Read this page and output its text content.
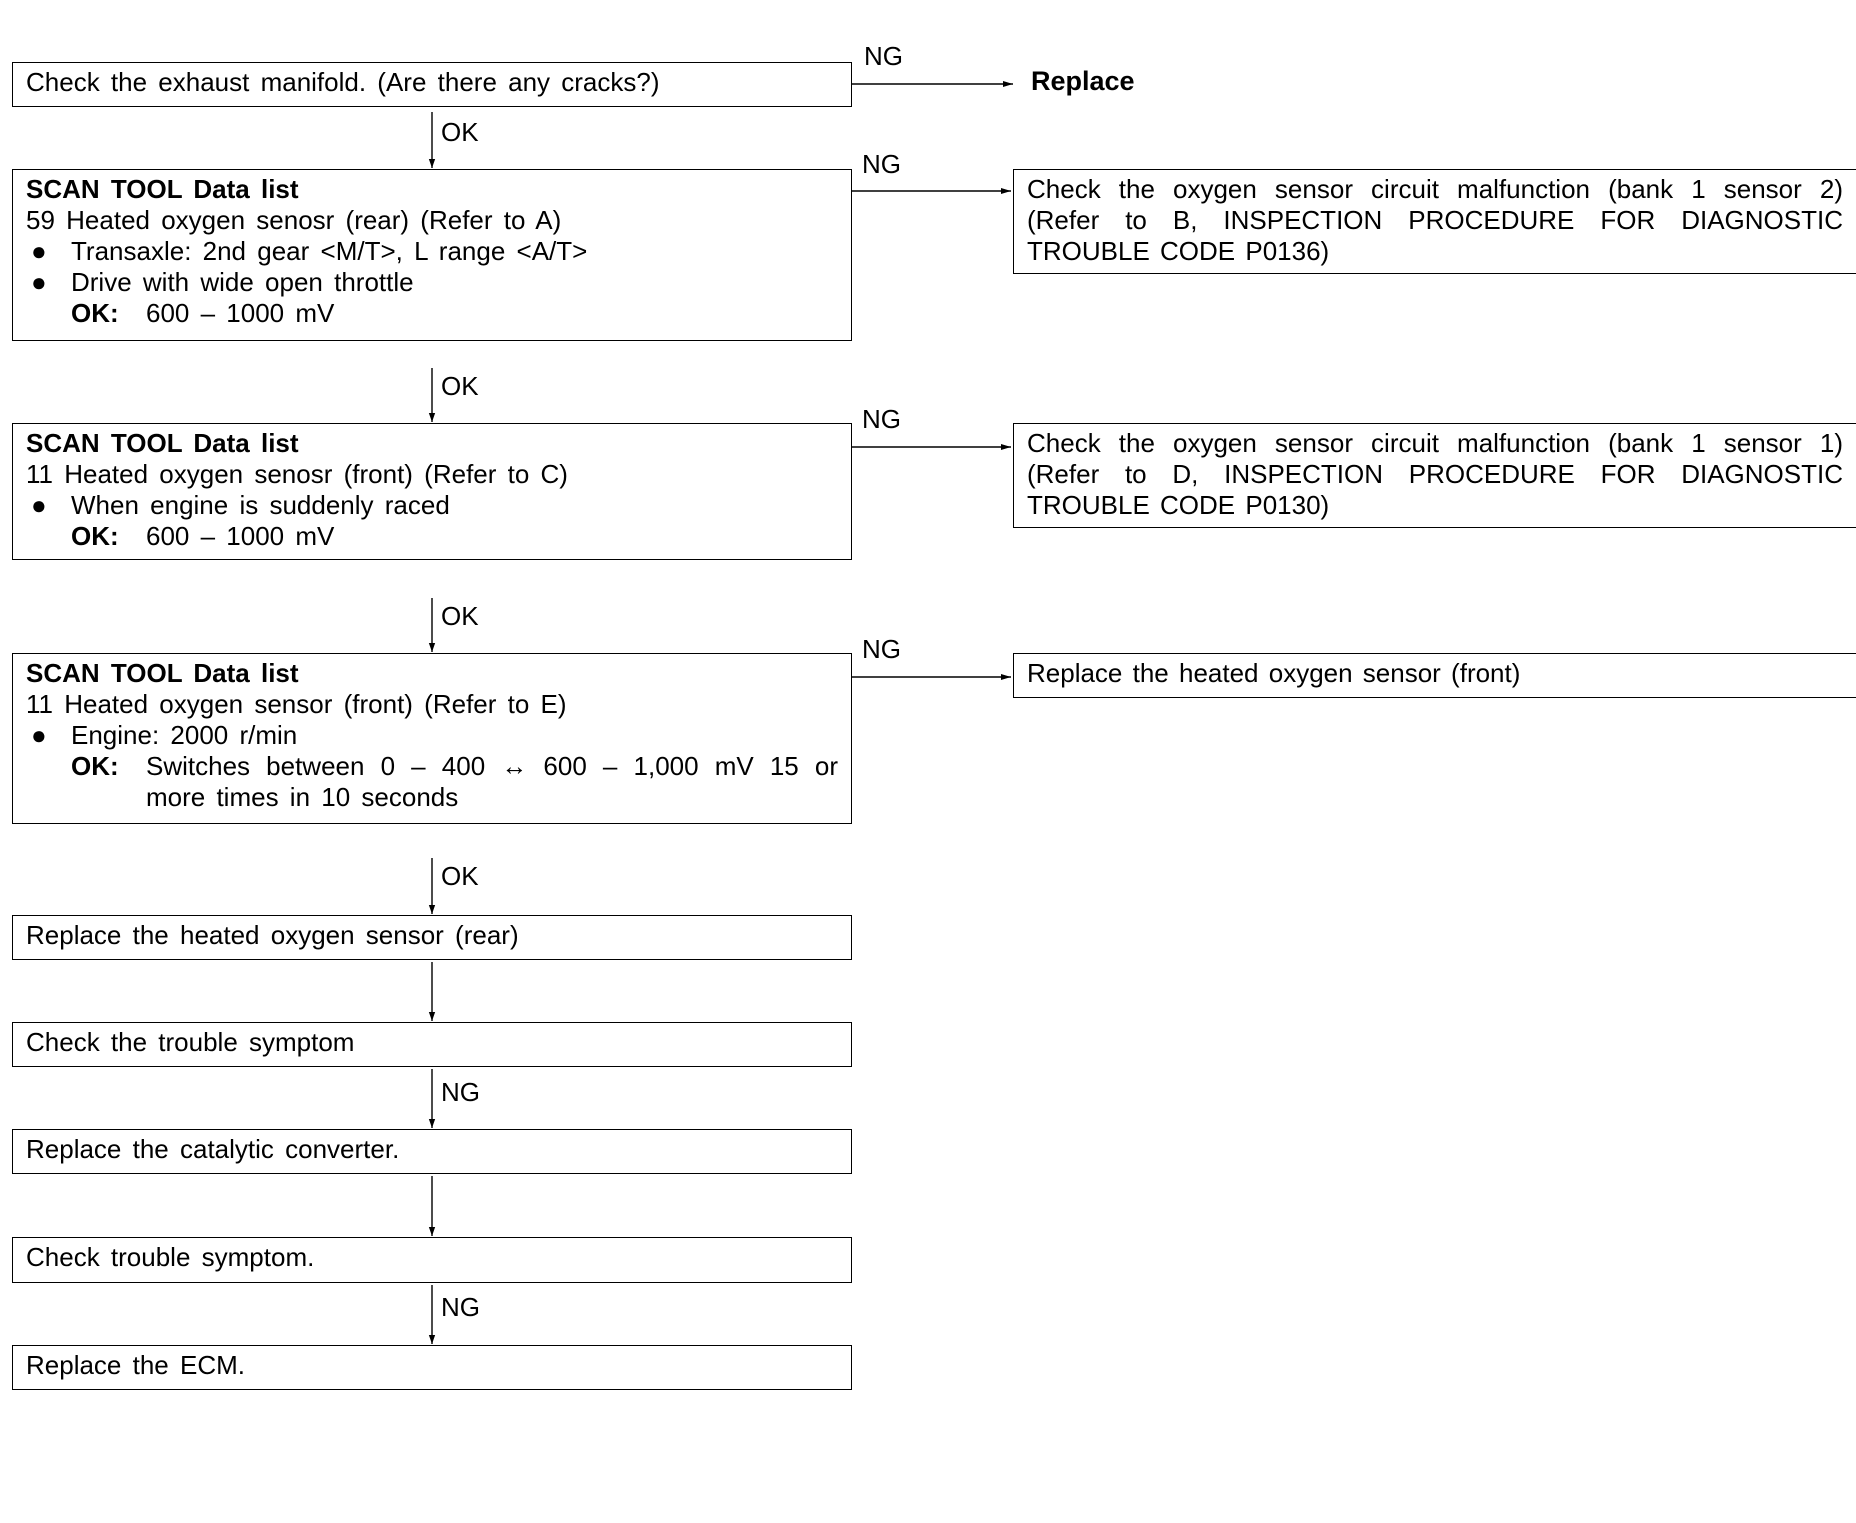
Check the exhaust manifold. (Are there any cracks?)
NG
Replace
OK
SCAN TOOL Data list
59 Heated oxygen senosr (rear) (Refer to A)
● Transaxle: 2nd gear <M/T>, L range <A/T>
● Drive with wide open throttle
OK:	600 – 1000 mV
NG
Check the oxygen sensor circuit malfunction (bank 1 sensor 2)
(Refer to B, INSPECTION PROCEDURE FOR DIAGNOSTIC
TROUBLE CODE P0136)
OK
SCAN TOOL Data list
11 Heated oxygen senosr (front) (Refer to C)
● When engine is suddenly raced
OK:	600 – 1000 mV
NG
Check the oxygen sensor circuit malfunction (bank 1 sensor 1)
(Refer to D, INSPECTION PROCEDURE FOR DIAGNOSTIC
TROUBLE CODE P0130)
OK
SCAN TOOL Data list
11 Heated oxygen sensor (front) (Refer to E)
● Engine: 2000 r/min
OK:	Switches between 0 – 400 ↔ 600 – 1,000 mV 15 or more times in 10 seconds
NG
Replace the heated oxygen sensor (front)
OK
Replace the heated oxygen sensor (rear)
Check the trouble symptom
NG
Replace the catalytic converter.
Check trouble symptom.
NG
Replace the ECM.
